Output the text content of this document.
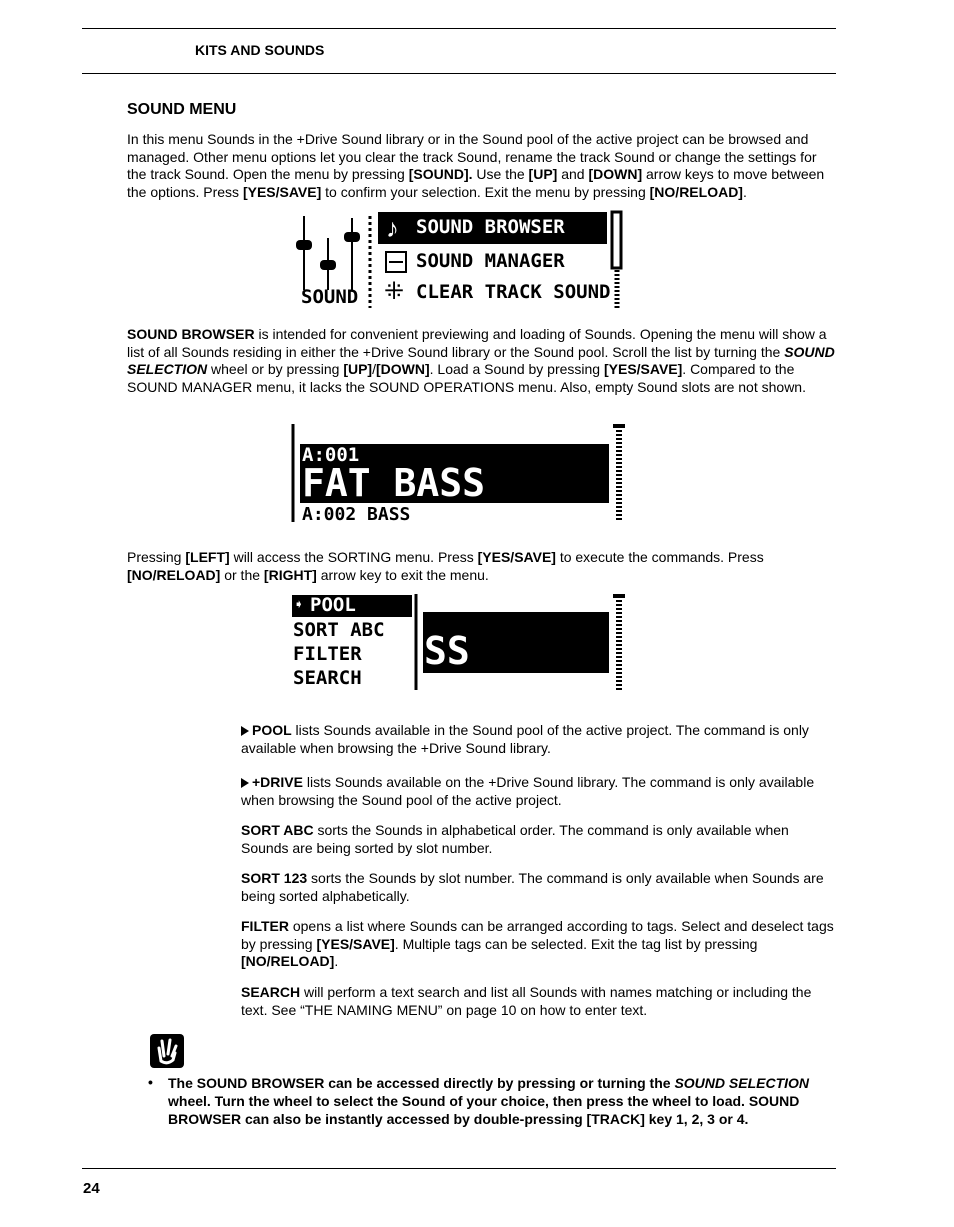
KITS AND SOUNDS
SOUND MENU
In this menu Sounds in the +Drive Sound library or in the Sound pool of the active project can be browsed and managed. Other menu options let you clear the track Sound, rename the track Sound or change the settings for the track Sound. Open the menu by pressing [SOUND]. Use the [UP] and [DOWN] arrow keys to move between the options. Press [YES/SAVE] to confirm your selection. Exit the menu by pressing [NO/RELOAD].
SOUND
♪ SOUND BROWSER
SOUND MANAGER
⁜ CLEAR TRACK SOUND
SOUND BROWSER is intended for convenient previewing and loading of Sounds. Opening the menu will show a list of all Sounds residing in either the +Drive Sound library or the Sound pool. Scroll the list by turning the SOUND SELECTION wheel or by pressing [UP]/[DOWN]. Load a Sound by pressing [YES/SAVE]. Compared to the SOUND MANAGER menu, it lacks the SOUND OPERATIONS menu. Also, empty Sound slots are not shown.
A:001
FAT BASS
A:002 BASS
Pressing [LEFT] will access the SORTING menu. Press [YES/SAVE] to execute the commands. Press [NO/RELOAD] or the [RIGHT] arrow key to exit the menu.
➧ POOL
SORT ABC
FILTER
SEARCH
SS
POOL lists Sounds available in the Sound pool of the active project. The command is only available when browsing the +Drive Sound library.
+DRIVE lists Sounds available on the +Drive Sound library. The command is only available when browsing the Sound pool of the active project.
SORT ABC sorts the Sounds in alphabetical order. The command is only available when Sounds are being sorted by slot number.
SORT 123 sorts the Sounds by slot number. The command is only available when Sounds are being sorted alphabetically.
FILTER opens a list where Sounds can be arranged according to tags. Select and deselect tags by pressing [YES/SAVE]. Multiple tags can be selected. Exit the tag list by pressing [NO/RELOAD].
SEARCH will perform a text search and list all Sounds with names matching or including the text. See “THE NAMING MENU” on page 10 on how to enter text.
• The SOUND BROWSER can be accessed directly by pressing or turning the SOUND SELECTION wheel. Turn the wheel to select the Sound of your choice, then press the wheel to load. SOUND BROWSER can also be instantly accessed by double-pressing [TRACK] key 1, 2, 3 or 4.
24
